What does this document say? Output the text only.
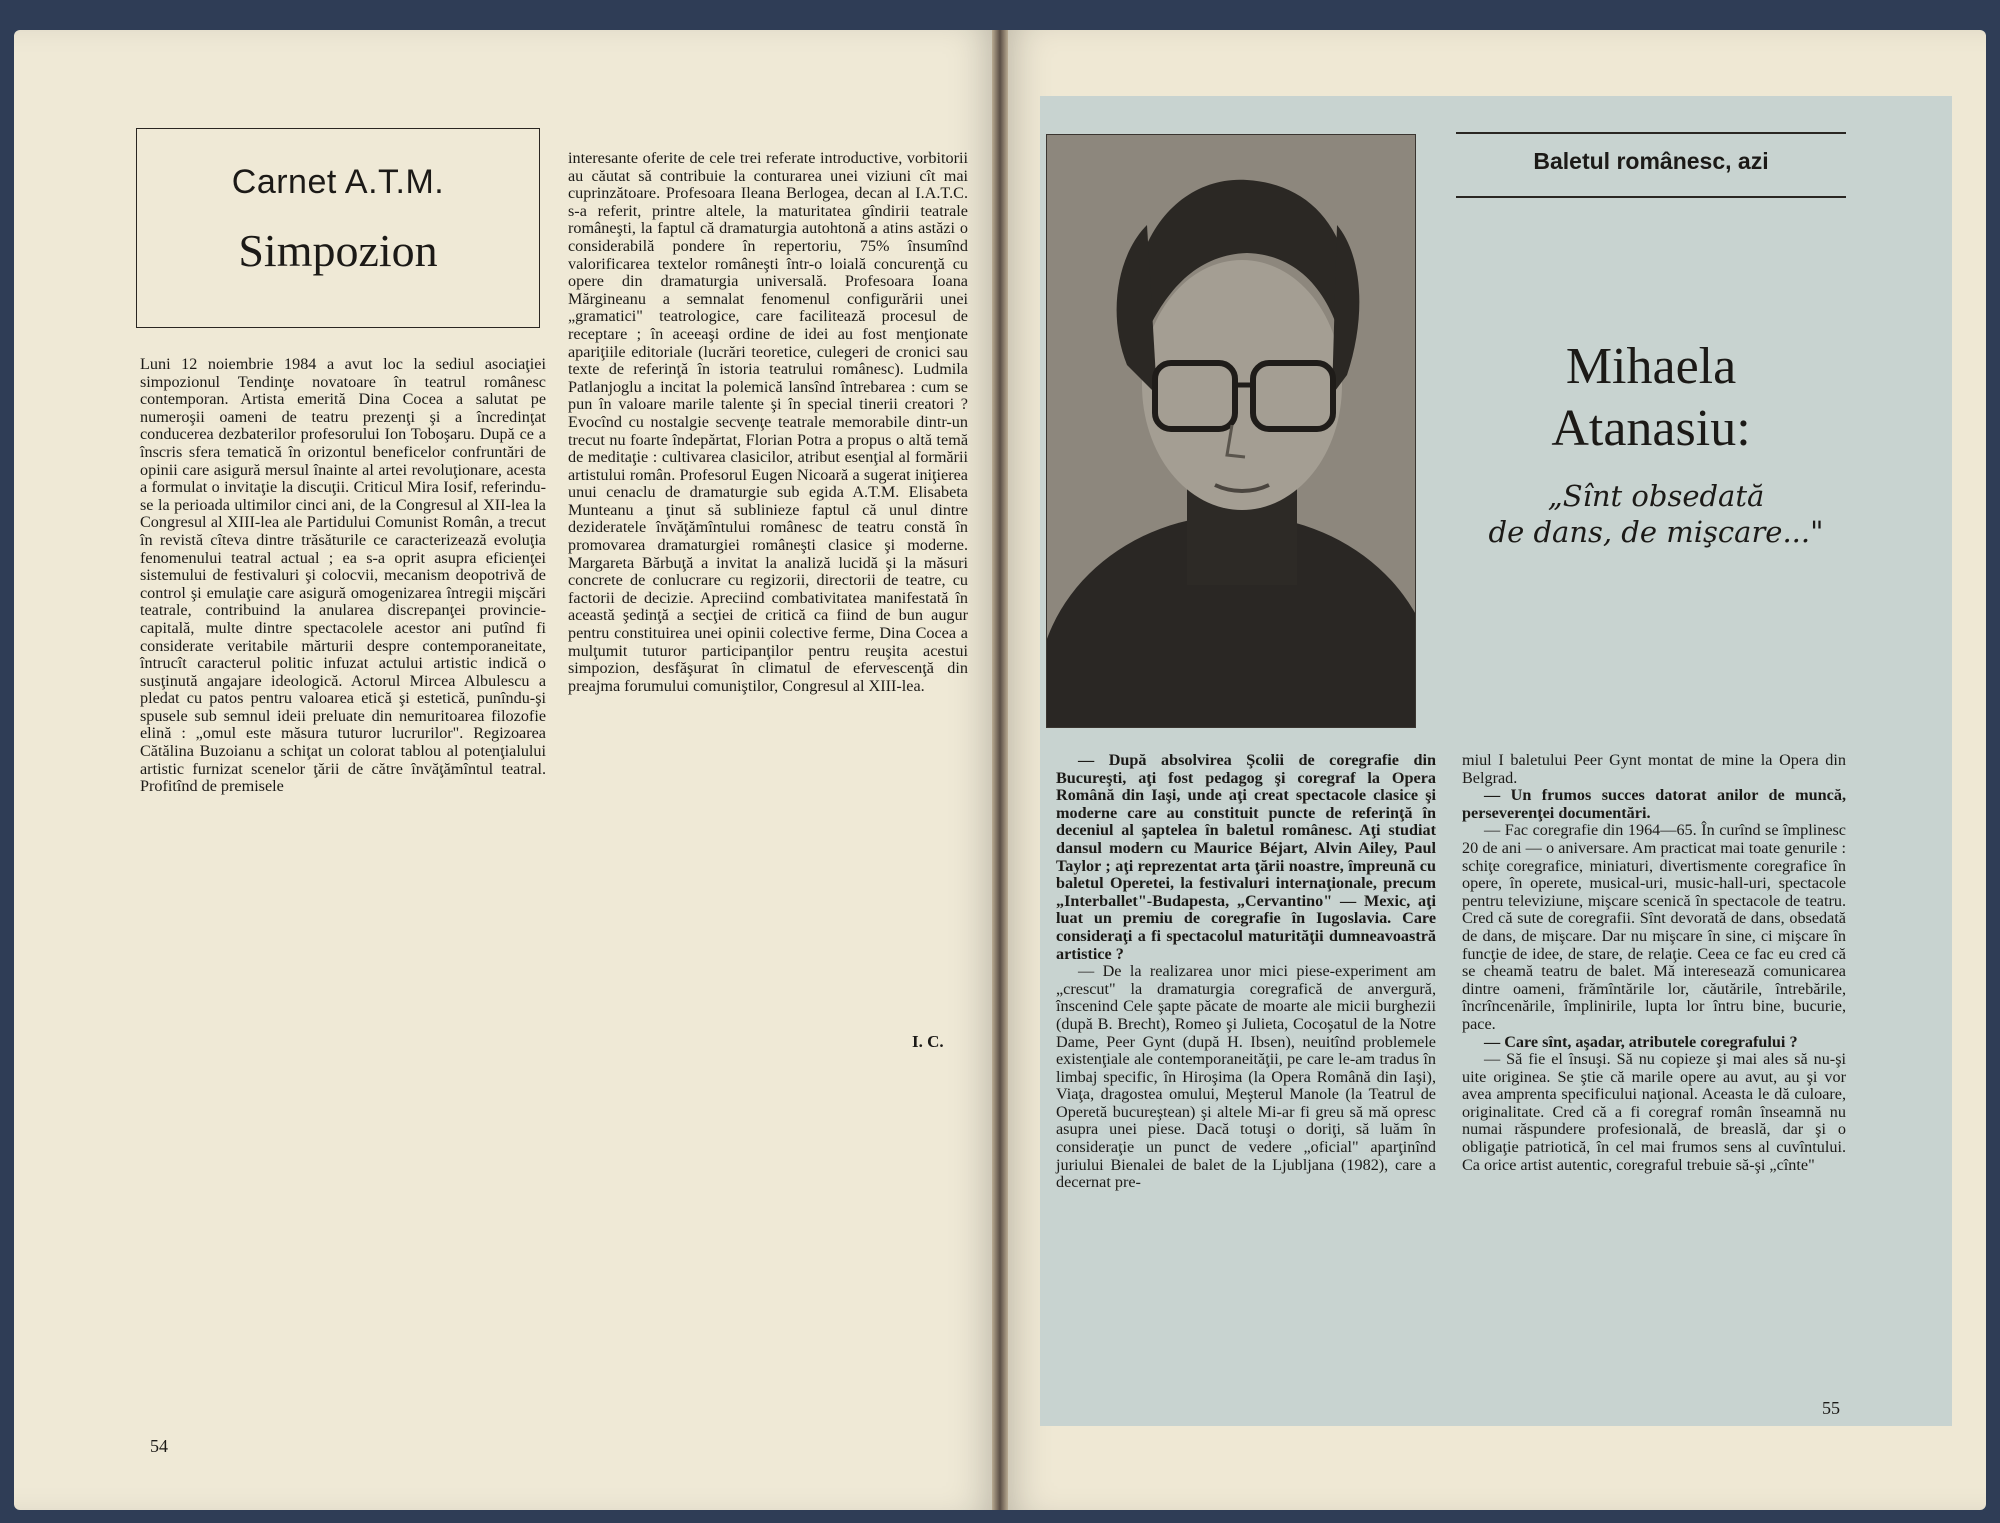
Carnet A.T.M.
Simpozion

Luni 12 noiembrie 1984 a avut loc la sediul asociaţiei simpozionul Tendinţe novatoare în teatrul românesc contemporan. Artista emerită Dina Cocea a salutat pe numeroşii oameni de teatru prezenţi şi a încredinţat conducerea dezbaterilor profesorului Ion Toboşaru. După ce a înscris sfera tematică în orizontul beneficelor confruntări de opinii care asigură mersul înainte al artei revoluţionare, acesta a formulat o invitaţie la discuţii. Criticul Mira Iosif, referindu-se la perioada ultimilor cinci ani, de la Congresul al XII-lea la Congresul al XIII-lea ale Partidului Comunist Român, a trecut în revistă cîteva dintre trăsăturile ce caracterizează evoluţia fenomenului teatral actual ; ea s-a oprit asupra eficienţei sistemului de festivaluri şi colocvii, mecanism deopotrivă de control şi emulaţie care asigură omogenizarea întregii mişcări teatrale, contribuind la anularea discrepanţei provincie-capitală, multe dintre spectacolele acestor ani putînd fi considerate veritabile mărturii despre contemporaneitate, întrucît caracterul politic infuzat actului artistic indică o susţinută angajare ideologică. Actorul Mircea Albulescu a pledat cu patos pentru valoarea etică şi estetică, punîndu-şi spusele sub semnul ideii preluate din nemuritoarea filozofie elină : „omul este măsura tuturor lucrurilor". Regizoarea Cătălina Buzoianu a schiţat un colorat tablou al potenţialului artistic furnizat scenelor ţării de către învăţămîntul teatral. Profitînd de premisele

interesante oferite de cele trei referate introductive, vorbitorii au căutat să contribuie la conturarea unei viziuni cît mai cuprinzătoare. Profesoara Ileana Berlogea, decan al I.A.T.C. s-a referit, printre altele, la maturitatea gîndirii teatrale româneşti, la faptul că dramaturgia autohtonă a atins astăzi o considerabilă pondere în repertoriu, 75% însumînd valorificarea textelor româneşti într-o loială concurenţă cu opere din dramaturgia universală. Profesoara Ioana Mărgineanu a semnalat fenomenul configurării unei „gramatici" teatrologice, care facilitează procesul de receptare ; în aceeaşi ordine de idei au fost menţionate apariţiile editoriale (lucrări teoretice, culegeri de cronici sau texte de referinţă în istoria teatrului românesc). Ludmila Patlanjoglu a incitat la polemică lansînd întrebarea : cum se pun în valoare marile talente şi în special tinerii creatori ? Evocînd cu nostalgie secvenţe teatrale memorabile dintr-un trecut nu foarte îndepărtat, Florian Potra a propus o altă temă de meditaţie : cultivarea clasicilor, atribut esenţial al formării artistului român. Profesorul Eugen Nicoară a sugerat iniţierea unui cenaclu de dramaturgie sub egida A.T.M. Elisabeta Munteanu a ţinut să sublinieze faptul că unul dintre dezideratele învăţămîntului românesc de teatru constă în promovarea dramaturgiei româneşti clasice şi moderne. Margareta Bărbuţă a invitat la analiză lucidă şi la măsuri concrete de conlucrare cu regizorii, directorii de teatre, cu factorii de decizie. Apreciind combativitatea manifestată în această şedinţă a secţiei de critică ca fiind de bun augur pentru constituirea unei opinii colective ferme, Dina Cocea a mulţumit tuturor participanţilor pentru reuşita acestui simpozion, desfăşurat în climatul de efervescenţă din preajma forumului comuniştilor, Congresul al XIII-lea.

I. C.
54
Baletul românesc, azi
Mihaela
Atanasiu:
„Sînt obsedată
de dans, de mişcare..."

— După absolvirea Şcolii de coregrafie din Bucureşti, aţi fost pedagog şi coregraf la Opera Română din Iaşi, unde aţi creat spectacole clasice şi moderne care au constituit puncte de referinţă în deceniul al şaptelea în baletul românesc. Aţi studiat dansul modern cu Maurice Béjart, Alvin Ailey, Paul Taylor ; aţi reprezentat arta ţării noastre, împreună cu baletul Operetei, la festivaluri internaţionale, precum „Interballet"-Budapesta, „Cervantino" — Mexic, aţi luat un premiu de coregrafie în Iugoslavia. Care consideraţi a fi spectacolul maturităţii dumneavoastră artistice ?

— De la realizarea unor mici piese-experiment am „crescut" la dramaturgia coregrafică de anvergură, înscenind Cele şapte păcate de moarte ale micii burghezii (după B. Brecht), Romeo şi Julieta, Cocoşatul de la Notre Dame, Peer Gynt (după H. Ibsen), neuitînd problemele existenţiale ale contemporaneităţii, pe care le-am tradus în limbaj specific, în Hiroşima (la Opera Română din Iaşi), Viaţa, dragostea omului, Meşterul Manole (la Teatrul de Operetă bucureştean) şi altele Mi-ar fi greu să mă opresc asupra unei piese. Dacă totuşi o doriţi, să luăm în consideraţie un punct de vedere „oficial" aparţinînd juriului Bienalei de balet de la Ljubljana (1982), care a decernat pre-

miul I baletului Peer Gynt montat de mine la Opera din Belgrad.

— Un frumos succes datorat anilor de muncă, perseverenţei documentări.

— Fac coregrafie din 1964—65. În curînd se împlinesc 20 de ani — o aniversare. Am practicat mai toate genurile : schiţe coregrafice, miniaturi, divertismente coregrafice în opere, în operete, musical-uri, music-hall-uri, spectacole pentru televiziune, mişcare scenică în spectacole de teatru. Cred că sute de coregrafii. Sînt devorată de dans, obsedată de dans, de mişcare. Dar nu mişcare în sine, ci mişcare în funcţie de idee, de stare, de relaţie. Ceea ce fac eu cred că se cheamă teatru de balet. Mă interesează comunicarea dintre oameni, frămîntările lor, căutările, întrebările, încrîncenările, împlinirile, lupta lor întru bine, bucurie, pace.

— Care sînt, aşadar, atributele coregrafului ?

— Să fie el însuşi. Să nu copieze şi mai ales să nu-şi uite originea. Se ştie că marile opere au avut, au şi vor avea amprenta specificului naţional. Aceasta le dă culoare, originalitate. Cred că a fi coregraf român înseamnă nu numai răspundere profesională, de breaslă, dar şi o obligaţie patriotică, în cel mai frumos sens al cuvîntului. Ca orice artist autentic, coregraful trebuie să-şi „cînte"

55
